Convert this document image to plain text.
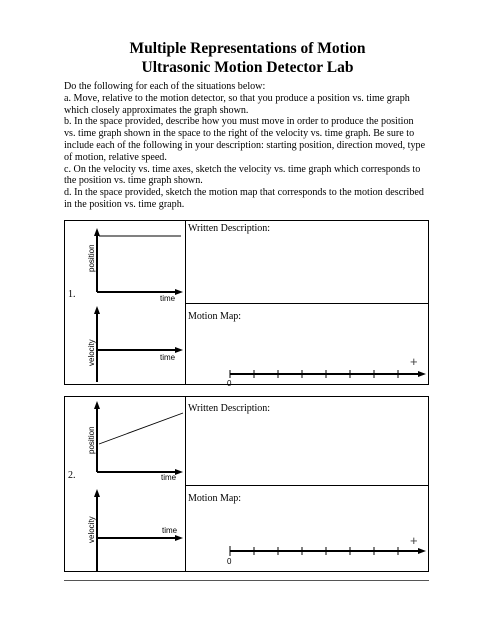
Multiple Representations of Motion
Ultrasonic Motion Detector Lab
Do the following for each of the situations below:
a. Move, relative to the motion detector, so that you produce a position vs. time graph
which closely approximates the graph shown.
b. In the space provided, describe how you must move in order to produce the position
vs. time graph shown in the space to the right of the velocity vs. time graph. Be sure to
include each of the following in your description: starting position, direction moved, type
of motion, relative speed.
c. On the velocity vs. time axes, sketch the velocity vs. time graph which corresponds to
the position vs. time graph shown.
d. In the space provided, sketch the motion map that corresponds to the motion described
in the position vs. time graph.
position
time
1.
velocity	time
Written Description:
Motion Map:
0
+
position
time
2.
velocity	time
Written Description:
Motion Map:
0
+
